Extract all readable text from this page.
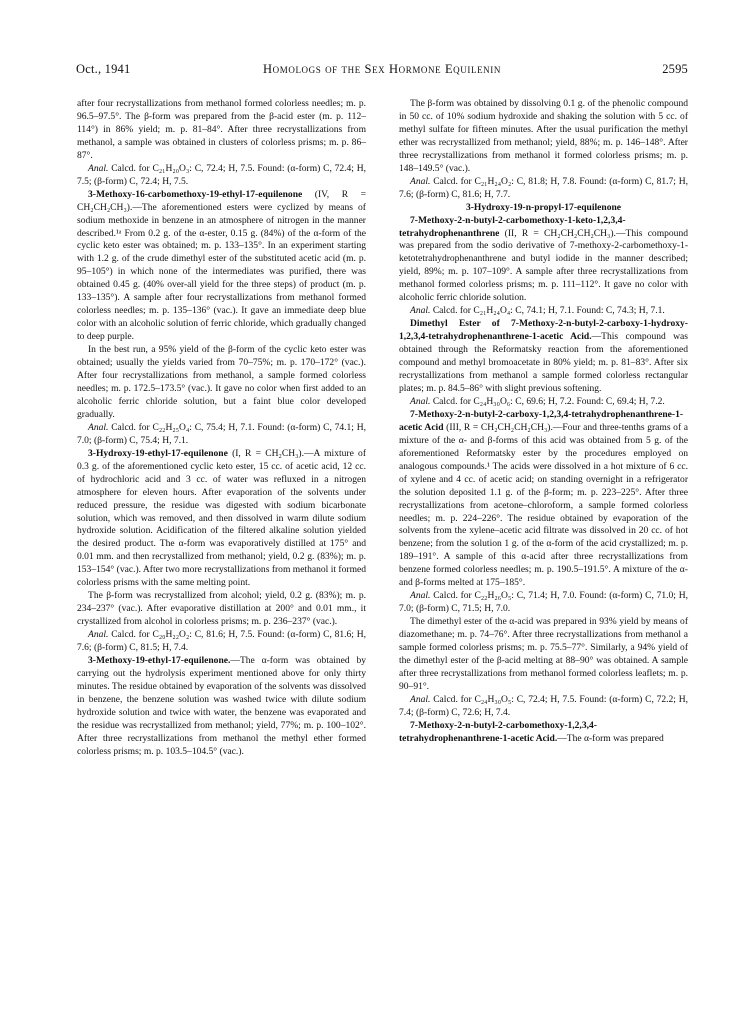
Oct., 1941	Homologs of the Sex Hormone Equilenin	2595

after four recrystallizations from methanol formed colorless needles; m. p. 96.5–97.5°. The β-form was prepared from the β-acid ester (m. p. 112–114°) in 86% yield; m. p. 81–84°. After three recrystallizations from methanol, a sample was obtained in clusters of colorless prisms; m. p. 86–87°.

Anal. Calcd. for C₂₁H₂₀O₃: C, 72.4; H, 7.5. Found: (α-form) C, 72.4; H, 7.5; (β-form) C, 72.4; H, 7.5.

3-Methoxy-16-carbomethoxy-19-ethyl-17-equilenone (IV, R = CH₂CH₂CH₃).—The aforementioned esters were cyclized by means of sodium methoxide in benzene in an atmosphere of nitrogen in the manner described.¹ᵃ From 0.2 g. of the α-ester, 0.15 g. (84%) of the α-form of the cyclic keto ester was obtained; m. p. 133–135°. In an experiment starting with 1.2 g. of the crude dimethyl ester of the substituted acetic acid (m. p. 95–105°) in which none of the intermediates was purified, there was obtained 0.45 g. (40% over-all yield for the three steps) of product (m. p. 133–135°). A sample after four recrystallizations from methanol formed colorless needles; m. p. 135–136° (vac.). It gave an immediate deep blue color with an alcoholic solution of ferric chloride, which gradually changed to deep purple.

In the best run, a 95% yield of the β-form of the cyclic keto ester was obtained; usually the yields varied from 70–75%; m. p. 170–172° (vac.). After four recrystallizations from methanol, a sample formed colorless needles; m. p. 172.5–173.5° (vac.). It gave no color when first added to an alcoholic ferric chloride solution, but a faint blue color developed gradually.

Anal. Calcd. for C₂₂H₂₅O₄: C, 75.4; H, 7.1. Found: (α-form) C, 74.1; H, 7.0; (β-form) C, 75.4; H, 7.1.

3-Hydroxy-19-ethyl-17-equilenone (I, R = CH₂CH₃).—A mixture of 0.3 g. of the aforementioned cyclic keto ester, 15 cc. of acetic acid, 12 cc. of hydrochloric acid and 3 cc. of water was refluxed in a nitrogen atmosphere for eleven hours. After evaporation of the solvents under reduced pressure, the residue was digested with sodium bicarbonate solution, which was removed, and then dissolved in warm dilute sodium hydroxide solution. Acidification of the filtered alkaline solution yielded the desired product. The α-form was evaporatively distilled at 175° and 0.01 mm. and then recrystallized from methanol; yield, 0.2 g. (83%); m. p. 153–154° (vac.). After two more recrystallizations from methanol it formed colorless prisms with the same melting point.

The β-form was recrystallized from alcohol; yield, 0.2 g. (83%); m. p. 234–237° (vac.). After evaporative distillation at 200° and 0.01 mm., it crystallized from alcohol in colorless prisms; m. p. 236–237° (vac.).

Anal. Calcd. for C₂₀H₂₂O₂: C, 81.6; H, 7.5. Found: (α-form) C, 81.6; H, 7.6; (β-form) C, 81.5; H, 7.4.

3-Methoxy-19-ethyl-17-equilenone.—The α-form was obtained by carrying out the hydrolysis experiment mentioned above for only thirty minutes. The residue obtained by evaporation of the solvents was dissolved in benzene, the benzene solution was washed twice with dilute sodium hydroxide solution and twice with water, the benzene was evaporated and the residue was recrystallized from methanol; yield, 77%; m. p. 100–102°. After three recrystallizations from methanol the methyl ether formed colorless prisms; m. p. 103.5–104.5° (vac.).

The β-form was obtained by dissolving 0.1 g. of the phenolic compound in 50 cc. of 10% sodium hydroxide and shaking the solution with 5 cc. of methyl sulfate for fifteen minutes. After the usual purification the methyl ether was recrystallized from methanol; yield, 88%; m. p. 146–148°. After three recrystallizations from methanol it formed colorless prisms; m. p. 148–149.5° (vac.).

Anal. Calcd. for C₂₁H₂₄O₂: C, 81.8; H, 7.8. Found: (α-form) C, 81.7; H, 7.6; (β-form) C, 81.6; H, 7.7.

3-Hydroxy-19-n-propyl-17-equilenone

7-Methoxy-2-n-butyl-2-carbomethoxy-1-keto-1,2,3,4-tetrahydrophenanthrene (II, R = CH₂CH₂CH₂CH₃).—This compound was prepared from the sodio derivative of 7-methoxy-2-carbomethoxy-1-ketotetrahydrophenanthrene and butyl iodide in the manner described; yield, 89%; m. p. 107–109°. A sample after three recrystallizations from methanol formed colorless prisms; m. p. 111–112°. It gave no color with alcoholic ferric chloride solution.

Anal. Calcd. for C₂₁H₂₄O₄: C, 74.1; H, 7.1. Found: C, 74.3; H, 7.1.

Dimethyl Ester of 7-Methoxy-2-n-butyl-2-carboxy-1-hydroxy-1,2,3,4-tetrahydrophenanthrene-1-acetic Acid.—This compound was obtained through the Reformatsky reaction from the aforementioned compound and methyl bromoacetate in 80% yield; m. p. 81–83°. After six recrystallizations from methanol a sample formed colorless rectangular plates; m. p. 84.5–86° with slight previous softening.

Anal. Calcd. for C₂₄H₃₀O₆: C, 69.6; H, 7.2. Found: C, 69.4; H, 7.2.

7-Methoxy-2-n-butyl-2-carboxy-1,2,3,4-tetrahydrophenanthrene-1-acetic Acid (III, R = CH₂CH₂CH₂CH₃).—Four and three-tenths grams of a mixture of the α- and β-forms of this acid was obtained from 5 g. of the aforementioned Reformatsky ester by the procedures employed on analogous compounds.¹ The acids were dissolved in a hot mixture of 6 cc. of xylene and 4 cc. of acetic acid; on standing overnight in a refrigerator the solution deposited 1.1 g. of the β-form; m. p. 223–225°. After three recrystallizations from acetone–chloroform, a sample formed colorless needles; m. p. 224–226°. The residue obtained by evaporation of the solvents from the xylene–acetic acid filtrate was dissolved in 20 cc. of hot benzene; from the solution 1 g. of the α-form of the acid crystallized; m. p. 189–191°. A sample of this α-acid after three recrystallizations from benzene formed colorless needles; m. p. 190.5–191.5°. A mixture of the α- and β-forms melted at 175–185°.

Anal. Calcd. for C₂₂H₂₆O₅: C, 71.4; H, 7.0. Found: (α-form) C, 71.0; H, 7.0; (β-form) C, 71.5; H, 7.0.

The dimethyl ester of the α-acid was prepared in 93% yield by means of diazomethane; m. p. 74–76°. After three recrystallizations from methanol a sample formed colorless prisms; m. p. 75.5–77°. Similarly, a 94% yield of the dimethyl ester of the β-acid melting at 88–90° was obtained. A sample after three recrystallizations from methanol formed colorless leaflets; m. p. 90–91°.

Anal. Calcd. for C₂₄H₃₀O₅: C, 72.4; H, 7.5. Found: (α-form) C, 72.2; H, 7.4; (β-form) C, 72.6; H, 7.4.

7-Methoxy-2-n-butyl-2-carbomethoxy-1,2,3,4-tetrahydrophenanthrene-1-acetic Acid.—The α-form was prepared
